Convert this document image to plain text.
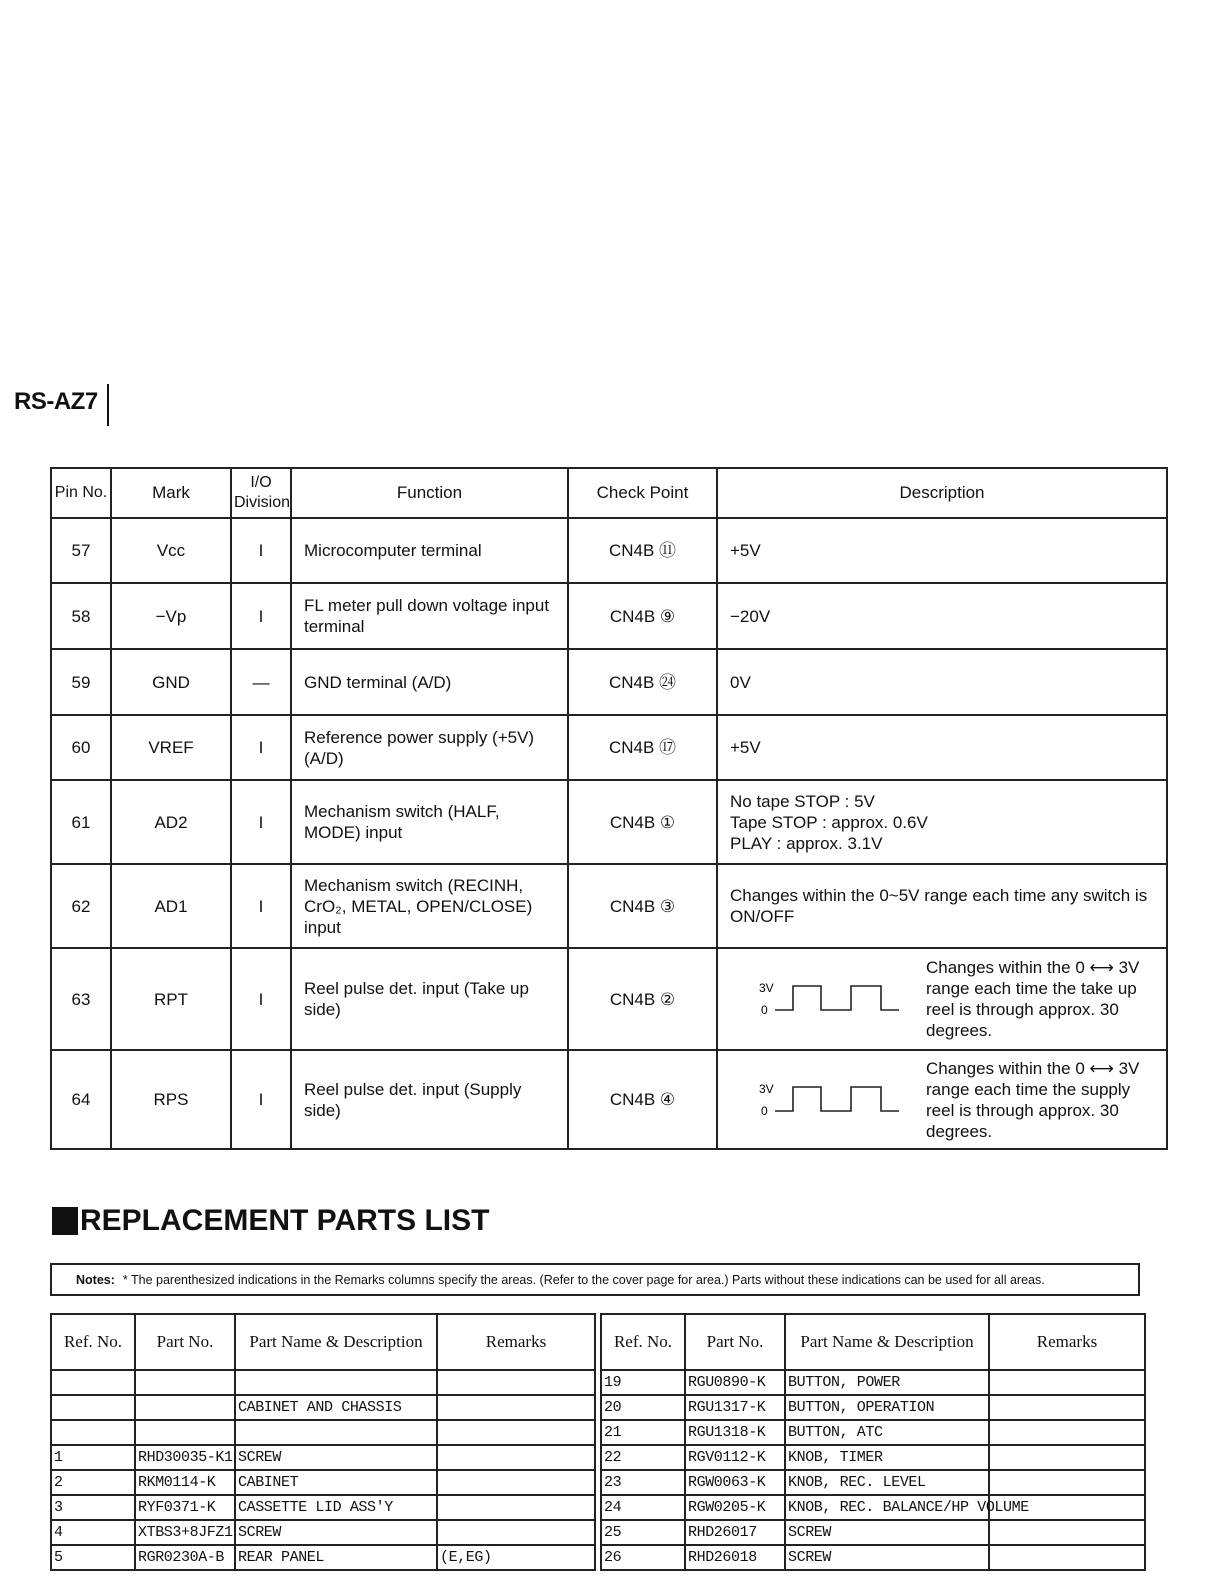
RS-AZ7
Pin No.	Mark	I/O Division	Function	Check Point	Description
57	Vcc	I	Microcomputer terminal	CN4B ⑪	+5V
58	−Vp	I	FL meter pull down voltage input terminal	CN4B ⑨	−20V
59	GND	—	GND terminal (A/D)	CN4B ㉔	0V
60	VREF	I	Reference power supply (+5V) (A/D)	CN4B ⑰	+5V
61	AD2	I	Mechanism switch (HALF, MODE) input	CN4B ①	No tape STOP : 5V
Tape STOP : approx. 0.6V
PLAY : approx. 3.1V

62	AD1	I	Mechanism switch (RECINH, CrO₂, METAL, OPEN/CLOSE) input	CN4B ③	Changes within the 0~5V range each time any switch is ON/OFF
63	RPT	I	Reel pulse det. input (Take up side)	CN4B ②	3V
0
Changes within the 0 ⟷ 3V range each time the take up reel is through approx. 30 degrees.

64	RPS	I	Reel pulse det. input (Supply side)	CN4B ④	3V
0
Changes within the 0 ⟷ 3V range each time the supply reel is through approx. 30 degrees.
REPLACEMENT PARTS LIST
Notes: * The parenthesized indications in the Remarks columns specify the areas. (Refer to the cover page for area.) Parts without these indications can be used for all areas.
Ref. No.	Part No.	Part Name & Description	Remarks

		CABINET AND CHASSIS	

1	RHD30035-K1	SCREW	
2	RKM0114-K	CABINET	
3	RYF0371-K	CASSETTE LID ASS'Y	
4	XTBS3+8JFZ1	SCREW	
5	RGR0230A-B	REAR PANEL	(E,EG)
Ref. No.	Part No.	Part Name & Description	Remarks
19	RGU0890-K	BUTTON, POWER	
20	RGU1317-K	BUTTON, OPERATION	
21	RGU1318-K	BUTTON, ATC	
22	RGV0112-K	KNOB, TIMER	
23	RGW0063-K	KNOB, REC. LEVEL	
24	RGW0205-K	KNOB, REC. BALANCE/HP VOLUME	
25	RHD26017	SCREW	
26	RHD26018	SCREW	
